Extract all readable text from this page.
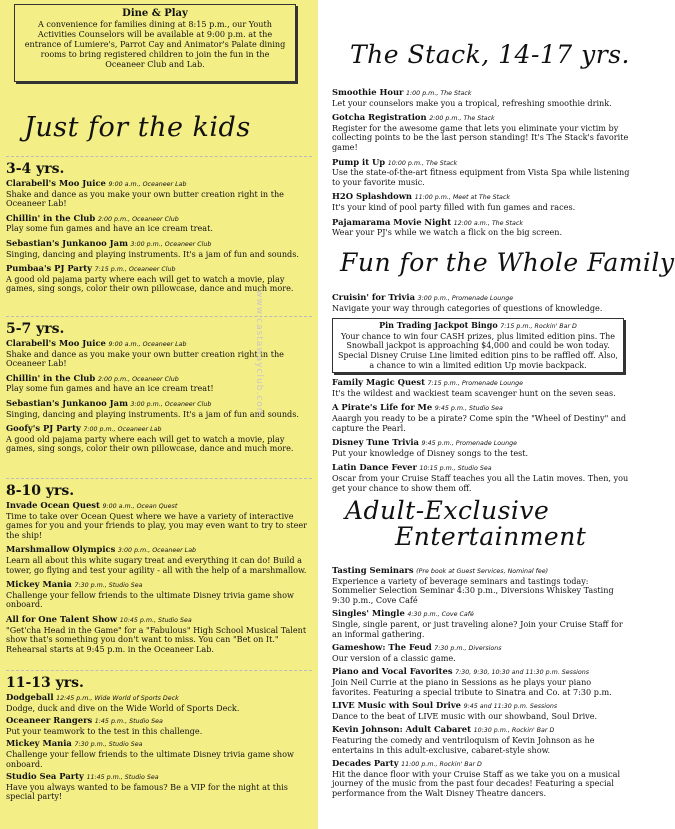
Dine & Play
A convenience for families dining at 8:15 p.m., our Youth Activities Counselors will be available at 9:00 p.m. at the entrance of Lumiere's, Parrot Cay and Animator's Palate dining rooms to bring registered children to join the fun in the Oceaneer Club and Lab.
Just for the kids
3-4 yrs.
Clarabell's Moo Juice 9:00 a.m., Oceaneer Lab
Shake and dance as you make your own butter creation right in the Oceaneer Lab!
Chillin' in the Club 2:00 p.m., Oceaneer Club
Play some fun games and have an ice cream treat.
Sebastian's Junkanoo Jam 3:00 p.m., Oceaneer Club
Singing, dancing and playing instruments. It's a jam of fun and sounds.
Pumbaa's PJ Party 7:15 p.m., Oceaneer Club
A good old pajama party where each will get to watch a movie, play games, sing songs, color their own pillowcase, dance and much more.
5-7 yrs.
Clarabell's Moo Juice 9:00 a.m., Oceaneer Lab
Shake and dance as you make your own butter creation right in the Oceaneer Lab!
Chillin' in the Club 2:00 p.m., Oceaneer Club
Play some fun games and have an ice cream treat!
Sebastian's Junkanoo Jam 3:00 p.m., Oceaneer Club
Singing, dancing and playing instruments. It's a jam of fun and sounds.
Goofy's PJ Party 7:00 p.m., Oceaneer Lab
A good old pajama party where each will get to watch a movie, play games, sing songs, color their own pillowcase, dance and much more.
8-10 yrs.
Invade Ocean Quest 9:00 a.m., Ocean Quest
Time to take over Ocean Quest where we have a variety of interactive games for you and your friends to play, you may even want to try to steer the ship!
Marshmallow Olympics 3:00 p.m., Oceaneer Lab
Learn all about this white sugary treat and everything it can do! Build a tower, go flying and test your agility - all with the help of a marshmallow.
Mickey Mania 7:30 p.m., Studio Sea
Challenge your fellow friends to the ultimate Disney trivia game show onboard.
All for One Talent Show 10:45 p.m., Studio Sea
"Get'cha Head in the Game" for a "Fabulous" High School Musical Talent show that's something you don't want to miss. You can "Bet on It." Rehearsal starts at 9:45 p.m. in the Oceaneer Lab.
11-13 yrs.
Dodgeball 12:45 p.m., Wide World of Sports Deck
Dodge, duck and dive on the Wide World of Sports Deck.
Oceaneer Rangers 1:45 p.m., Studio Sea
Put your teamwork to the test in this challenge.
Mickey Mania 7:30 p.m., Studio Sea
Challenge your fellow friends to the ultimate Disney trivia game show onboard.
Studio Sea Party 11:45 p.m., Studio Sea
Have you always wanted to be famous? Be a VIP for the night at this special party!
www.castawayclub.com
The Stack, 14-17 yrs.
Smoothie Hour 1:00 p.m., The Stack
Let your counselors make you a tropical, refreshing smoothie drink.
Gotcha Registration 2:00 p.m., The Stack
Register for the awesome game that lets you eliminate your victim by collecting points to be the last person standing! It's The Stack's favorite game!
Pump it Up 10:00 p.m., The Stack
Use the state-of-the-art fitness equipment from Vista Spa while listening to your favorite music.
H2O Splashdown 11:00 p.m., Meet at The Stack
It's your kind of pool party filled with fun games and races.
Pajamarama Movie Night 12:00 a.m., The Stack
Wear your PJ's while we watch a flick on the big screen.
Fun for the Whole Family
Cruisin' for Trivia 3:00 p.m., Promenade Lounge
Navigate your way through categories of questions of knowledge.
Pin Trading Jackpot Bingo 7:15 p.m., Rockin' Bar D
Your chance to win four CASH prizes, plus limited edition pins. The Snowball jackpot is approaching $4,000 and could be won today. Special Disney Cruise Line limited edition pins to be raffled off. Also, a chance to win a limited edition Up movie backpack.
Family Magic Quest 7:15 p.m., Promenade Lounge
It's the wildest and wackiest team scavenger hunt on the seven seas.
A Pirate's Life for Me 9:45 p.m., Studio Sea
Aaargh you ready to be a pirate? Come spin the "Wheel of Destiny" and capture the Pearl.
Disney Tune Trivia 9:45 p.m., Promenade Lounge
Put your knowledge of Disney songs to the test.
Latin Dance Fever 10:15 p.m., Studio Sea
Oscar from your Cruise Staff teaches you all the Latin moves. Then, you get your chance to show them off.
Adult-Exclusive
Entertainment
Tasting Seminars (Pre book at Guest Services, Nominal fee)
Experience a variety of beverage seminars and tastings today: Sommelier Selection Seminar 4:30 p.m., Diversions Whiskey Tasting 9:30 p.m., Cove Café
Singles' Mingle 4:30 p.m., Cove Café
Single, single parent, or just traveling alone? Join your Cruise Staff for an informal gathering.
Gameshow: The Feud 7:30 p.m., Diversions
Our version of a classic game.
Piano and Vocal Favorites 7:30, 9:30, 10:30 and 11:30 p.m. Sessions
Join Neil Currie at the piano in Sessions as he plays your piano favorites. Featuring a special tribute to Sinatra and Co. at 7:30 p.m.
LIVE Music with Soul Drive 9:45 and 11:30 p.m. Sessions
Dance to the beat of LIVE music with our showband, Soul Drive.
Kevin Johnson: Adult Cabaret 10:30 p.m., Rockin' Bar D
Featuring the comedy and ventriloquism of Kevin Johnson as he entertains in this adult-exclusive, cabaret-style show.
Decades Party 11:00 p.m., Rockin' Bar D
Hit the dance floor with your Cruise Staff as we take you on a musical journey of the music from the past four decades! Featuring a special performance from the Walt Disney Theatre dancers.
